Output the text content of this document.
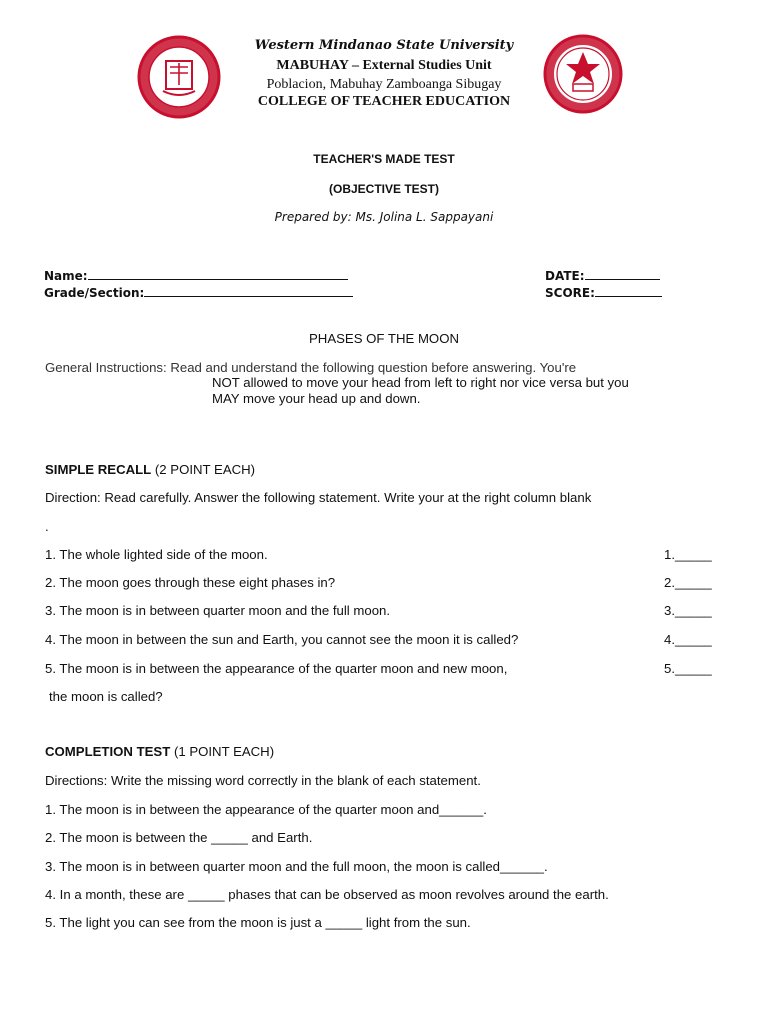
Western Mindanao State University
MABUHAY – External Studies Unit
Poblacion, Mabuhay Zamboanga Sibugay
COLLEGE OF TEACHER EDUCATION
TEACHER'S MADE TEST
(OBJECTIVE TEST)
Prepared by: Ms. Jolina L. Sappayani
Name:
Grade/Section:
DATE:
SCORE:
PHASES OF THE MOON
General Instructions: Read and understand the following question before answering. You're
NOT allowed to move your head from left to right nor vice versa but you
MAY move your head up and down.
SIMPLE RECALL (2 POINT EACH)
Direction: Read carefully. Answer the following statement. Write your at the right column blank
.
1. The whole lighted side of the moon.
2. The moon goes through these eight phases in?
3. The moon is in between quarter moon and the full moon.
4. The moon in between the sun and Earth, you cannot see the moon it is called?
5. The moon is in between the appearance of the quarter moon and new moon,
the moon is called?
1._____
2._____
3._____
4._____
5._____
COMPLETION TEST (1 POINT EACH)
Directions: Write the missing word correctly in the blank of each statement.
1. The moon is in between the appearance of the quarter moon and______.
2. The moon is between the _____ and Earth.
3. The moon is in between quarter moon and the full moon, the moon is called______.
4. In a month, these are _____ phases that can be observed as moon revolves around the earth.
5. The light you can see from the moon is just a _____ light from the sun.
